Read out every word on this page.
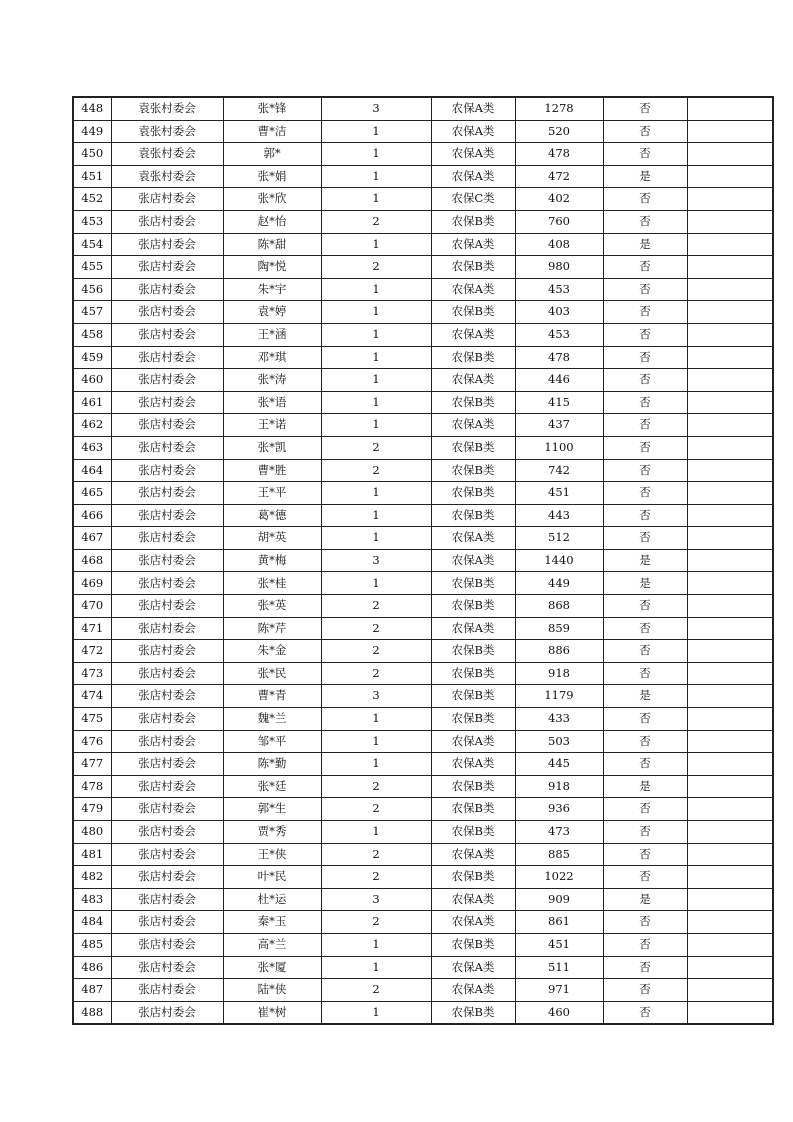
448	袁张村委会	张*锋	3	农保A类	1278	否	
449	袁张村委会	曹*洁	1	农保A类	520	否	
450	袁张村委会	郭*	1	农保A类	478	否	
451	袁张村委会	张*娟	1	农保A类	472	是	
452	张店村委会	张*欣	1	农保C类	402	否	
453	张店村委会	赵*怡	2	农保B类	760	否	
454	张店村委会	陈*甜	1	农保A类	408	是	
455	张店村委会	陶*悦	2	农保B类	980	否	
456	张店村委会	朱*宇	1	农保A类	453	否	
457	张店村委会	袁*婷	1	农保B类	403	否	
458	张店村委会	王*涵	1	农保A类	453	否	
459	张店村委会	邓*琪	1	农保B类	478	否	
460	张店村委会	张*涛	1	农保A类	446	否	
461	张店村委会	张*语	1	农保B类	415	否	
462	张店村委会	王*诺	1	农保A类	437	否	
463	张店村委会	张*凯	2	农保B类	1100	否	
464	张店村委会	曹*胜	2	农保B类	742	否	
465	张店村委会	王*平	1	农保B类	451	否	
466	张店村委会	葛*德	1	农保B类	443	否	
467	张店村委会	胡*英	1	农保A类	512	否	
468	张店村委会	黄*梅	3	农保A类	1440	是	
469	张店村委会	张*桂	1	农保B类	449	是	
470	张店村委会	张*英	2	农保B类	868	否	
471	张店村委会	陈*芹	2	农保A类	859	否	
472	张店村委会	朱*金	2	农保B类	886	否	
473	张店村委会	张*民	2	农保B类	918	否	
474	张店村委会	曹*青	3	农保B类	1179	是	
475	张店村委会	魏*兰	1	农保B类	433	否	
476	张店村委会	邹*平	1	农保A类	503	否	
477	张店村委会	陈*勤	1	农保A类	445	否	
478	张店村委会	张*廷	2	农保B类	918	是	
479	张店村委会	郭*生	2	农保B类	936	否	
480	张店村委会	贾*秀	1	农保B类	473	否	
481	张店村委会	王*侠	2	农保A类	885	否	
482	张店村委会	叶*民	2	农保B类	1022	否	
483	张店村委会	杜*运	3	农保A类	909	是	
484	张店村委会	秦*玉	2	农保A类	861	否	
485	张店村委会	高*兰	1	农保B类	451	否	
486	张店村委会	张*厦	1	农保A类	511	否	
487	张店村委会	陆*侠	2	农保A类	971	否	
488	张店村委会	崔*树	1	农保B类	460	否	
